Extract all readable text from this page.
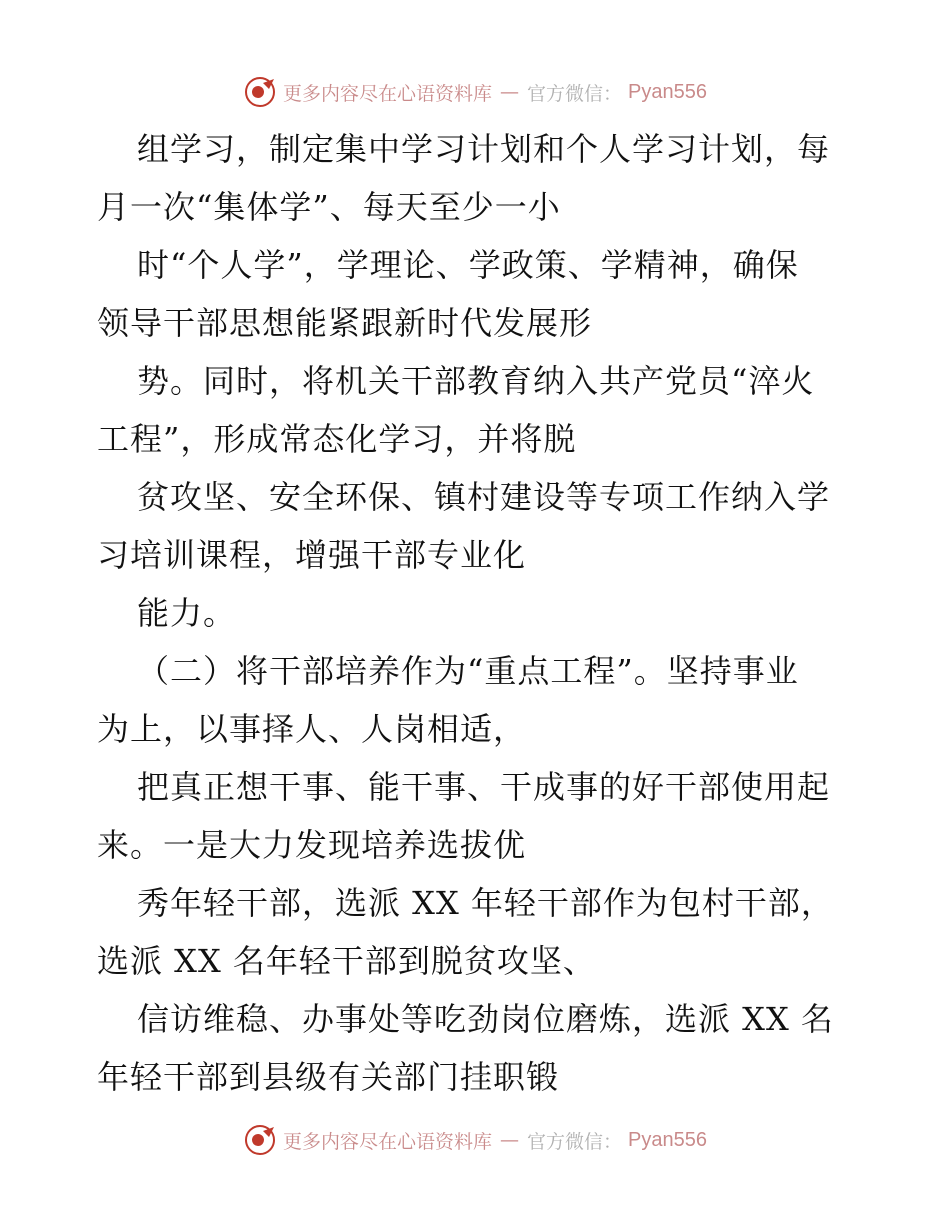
更多内容尽在心语资料库 — 官方微信： Pyan556
组学习，制定集中学习计划和个人学习计划，每
月一次“集体学”、每天至少一小
时“个人学”，学理论、学政策、学精神，确保
领导干部思想能紧跟新时代发展形
势。同时，将机关干部教育纳入共产党员“淬火
工程”，形成常态化学习，并将脱
贫攻坚、安全环保、镇村建设等专项工作纳入学
习培训课程，增强干部专业化
能力。
（二）将干部培养作为“重点工程”。坚持事业
为上，以事择人、人岗相适，
把真正想干事、能干事、干成事的好干部使用起
来。一是大力发现培养选拔优
秀年轻干部，选派 XX 年轻干部作为包村干部，
选派 XX 名年轻干部到脱贫攻坚、
信访维稳、办事处等吃劲岗位磨炼，选派 XX 名
年轻干部到县级有关部门挂职锻
更多内容尽在心语资料库 — 官方微信： Pyan556
